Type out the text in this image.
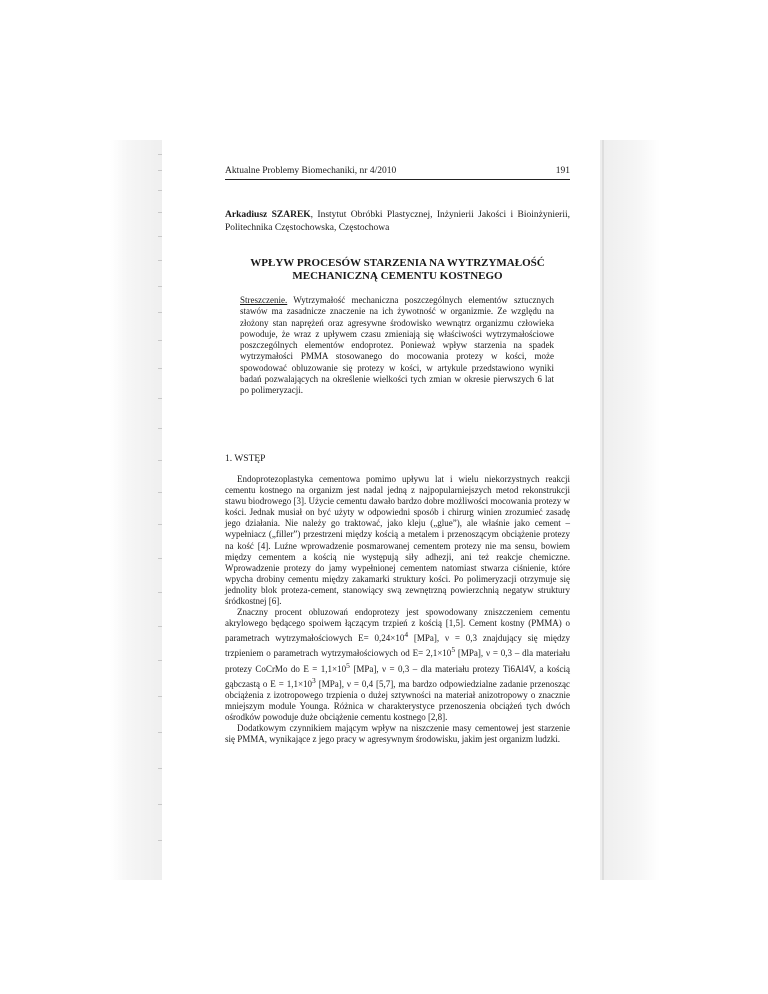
Aktualne Problemy Biomechaniki, nr 4/2010	191
Arkadiusz SZAREK, Instytut Obróbki Plastycznej, Inżynierii Jakości i Bioinżynierii, Politechnika Częstochowska, Częstochowa
WPŁYW PROCESÓW STARZENIA NA WYTRZYMAŁOŚĆ
MECHANICZNĄ CEMENTU KOSTNEGO
Streszczenie. Wytrzymałość mechaniczna poszczególnych elementów sztucznych stawów ma zasadnicze znaczenie na ich żywotność w organizmie. Ze względu na złożony stan naprężeń oraz agresywne środowisko wewnątrz organizmu człowieka powoduje, że wraz z upływem czasu zmieniają się właściwości wytrzymałościowe poszczególnych elementów endoprotez. Ponieważ wpływ starzenia na spadek wytrzymałości PMMA stosowanego do mocowania protezy w kości, może spowodować obluzowanie się protezy w kości, w artykule przedstawiono wyniki badań pozwalających na określenie wielkości tych zmian w okresie pierwszych 6 lat po polimeryzacji.
1. WSTĘP

Endoprotezoplastyka cementowa pomimo upływu lat i wielu niekorzystnych reakcji cementu kostnego na organizm jest nadal jedną z najpopularniejszych metod rekonstrukcji stawu biodrowego [3]. Użycie cementu dawało bardzo dobre możliwości mocowania protezy w kości. Jednak musiał on być użyty w odpowiedni sposób i chirurg winien zrozumieć zasadę jego działania. Nie należy go traktować, jako kleju („glue”), ale właśnie jako cement – wypełniacz („filler”) przestrzeni między kością a metalem i przenoszącym obciążenie protezy na kość [4]. Luźne wprowadzenie posmarowanej cementem protezy nie ma sensu, bowiem między cementem a kością nie występują siły adhezji, ani też reakcje chemiczne. Wprowadzenie protezy do jamy wypełnionej cementem natomiast stwarza ciśnienie, które wpycha drobiny cementu między zakamarki struktury kości. Po polimeryzacji otrzymuje się jednolity blok proteza-cement, stanowiący swą zewnętrzną powierzchnią negatyw struktury śródkostnej [6].

Znaczny procent obluzowań endoprotezy jest spowodowany zniszczeniem cementu akrylowego będącego spoiwem łączącym trzpień z kością [1,5]. Cement kostny (PMMA) o parametrach wytrzymałościowych $E= 0,24\times 10^4$ [MPa], ν = 0,3 znajdujący się między trzpieniem o parametrach wytrzymałościowych od $E= 2,1\times 10^5$ [MPa], ν = 0,3 – dla materiału protezy CoCrMo do $E = 1,1\times 10^5$ [MPa], ν = 0,3 – dla materiału protezy Ti6Al4V, a kością gąbczastą o $E = 1,1\times 10^3$ [MPa], ν = 0,4 [5,7], ma bardzo odpowiedzialne zadanie przenosząc obciążenia z izotropowego trzpienia o dużej sztywności na materiał anizotropowy o znacznie mniejszym module Younga. Różnica w charakterystyce przenoszenia obciążeń tych dwóch ośrodków powoduje duże obciążenie cementu kostnego [2,8].

Dodatkowym czynnikiem mającym wpływ na niszczenie masy cementowej jest starzenie się PMMA, wynikające z jego pracy w agresywnym środowisku, jakim jest organizm ludzki.
